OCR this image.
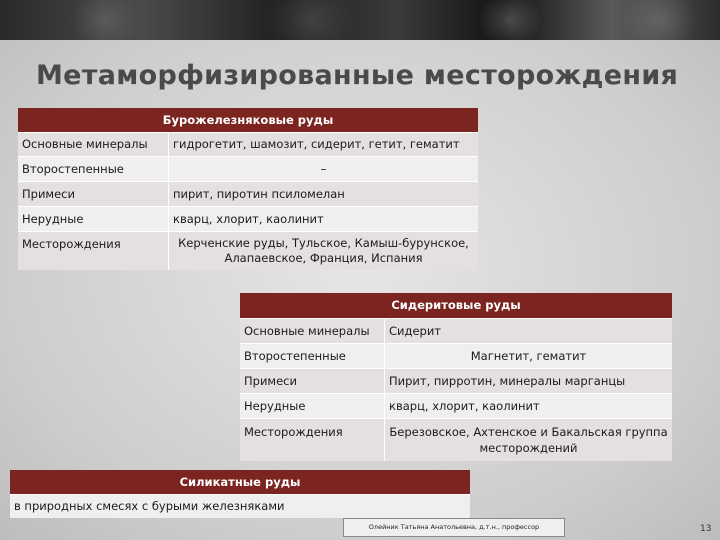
Метаморфизированные месторождения
Бурожелезняковые руды	
Основные минералы	гидрогетит, шамозит, сидерит, гетит, гематит
Второстепенные	–
Примеси	пирит, пиротин псиломелан
Нерудные	кварц, хлорит, каолинит
Месторождения	Керченские руды, Тульское, Камыш-бурунское,
Алапаевское, Франция, Испания
Сидеритовые руды	
Основные минералы	Сидерит
Второстепенные	Магнетит, гематит
Примеси	Пирит, пирротин, минералы марганцы
Нерудные	кварц, хлорит, каолинит
Месторождения	Березовское, Ахтенское и Бакальская группа
месторождений
Силикатные руды
в природных смесях с бурыми железняками
Олейник Татьяна Анатольевна, д.т.н., профессор	13
